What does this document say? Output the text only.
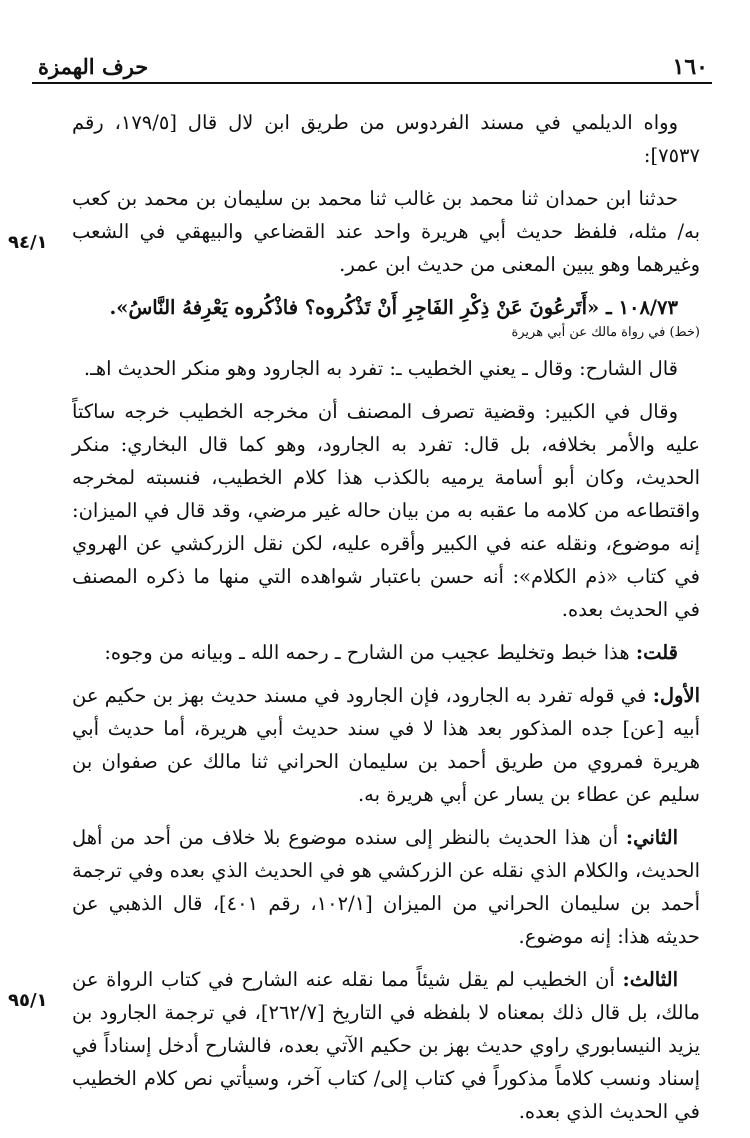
١٦٠
حرف الهمزة
٩٤/١
٩٥/١

وواه الديلمي في مسند الفردوس من طريق ابن لال قال [١٧٩/٥، رقم ٧٥٣٧]:

حدثنا ابن حمدان ثنا محمد بن غالب ثنا محمد بن سليمان بن محمد بن كعب به/ مثله، فلفظ حديث أبي هريرة واحد عند القضاعي والبيهقي في الشعب وغيرهما وهو يبين المعنى من حديث ابن عمر.

١٠٨/٧٣ ـ «أَتَرعُونَ عَنْ ذِكْرِ الفَاجِرِ أَنْ تَذْكُروه؟ فاذْكُروه يَعْرِفهُ النَّاسُ».

(خط) في رواة مالك عن أبي هريرة

قال الشارح: وقال ـ يعني الخطيب ـ: تفرد به الجارود وهو منكر الحديث اهـ.

وقال في الكبير: وقضية تصرف المصنف أن مخرجه الخطيب خرجه ساكتاً عليه والأمر بخلافه، بل قال: تفرد به الجارود، وهو كما قال البخاري: منكر الحديث، وكان أبو أسامة يرميه بالكذب هذا كلام الخطيب، فنسبته لمخرجه واقتطاعه من كلامه ما عقبه به من بيان حاله غير مرضي، وقد قال في الميزان: إنه موضوع، ونقله عنه في الكبير وأقره عليه، لكن نقل الزركشي عن الهروي في كتاب «ذم الكلام»: أنه حسن باعتبار شواهده التي منها ما ذكره المصنف في الحديث بعده.

قلت: هذا خبط وتخليط عجيب من الشارح ـ رحمه الله ـ وبيانه من وجوه:

الأول: في قوله تفرد به الجارود، فإن الجارود في مسند حديث بهز بن حكيم عن أبيه [عن] جده المذكور بعد هذا لا في سند حديث أبي هريرة، أما حديث أبي هريرة فمروي من طريق أحمد بن سليمان الحراني ثنا مالك عن صفوان بن سليم عن عطاء بن يسار عن أبي هريرة به.

الثاني: أن هذا الحديث بالنظر إلى سنده موضوع بلا خلاف من أحد من أهل الحديث، والكلام الذي نقله عن الزركشي هو في الحديث الذي بعده وفي ترجمة أحمد بن سليمان الحراني من الميزان [١٠٢/١، رقم ٤٠١]، قال الذهبي عن حديثه هذا: إنه موضوع.

الثالث: أن الخطيب لم يقل شيئاً مما نقله عنه الشارح في كتاب الرواة عن مالك، بل قال ذلك بمعناه لا بلفظه في التاريخ [٢٦٢/٧]، في ترجمة الجارود بن يزيد النيسابوري راوي حديث بهز بن حكيم الآتي بعده، فالشارح أدخل إسناداً في إسناد ونسب كلاماً مذكوراً في كتاب إلى/ كتاب آخر، وسيأتي نص كلام الخطيب في الحديث الذي بعده.
